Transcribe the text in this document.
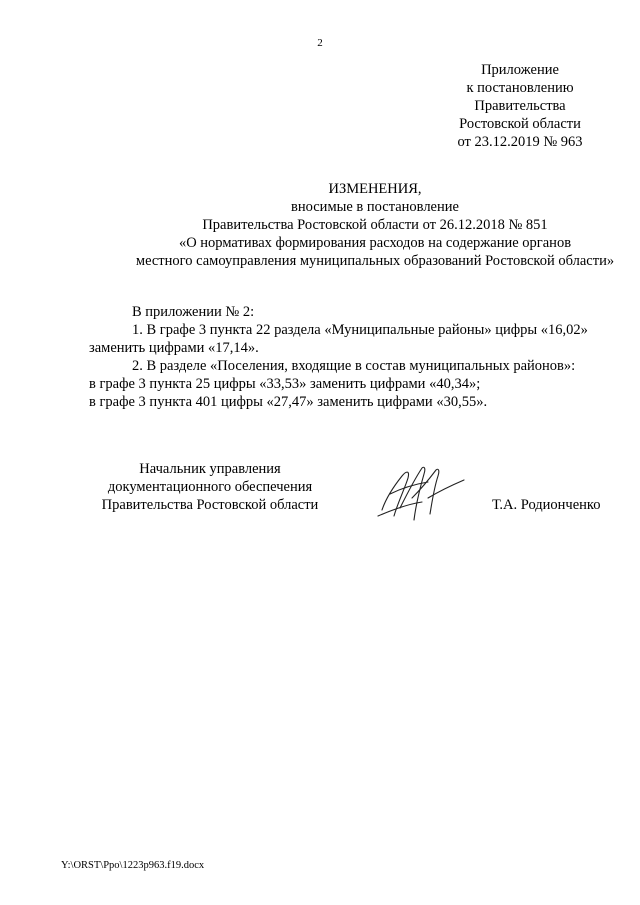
2
Приложение
к постановлению
Правительства
Ростовской области
от 23.12.2019 № 963
ИЗМЕНЕНИЯ,
вносимые в постановление
Правительства Ростовской области от 26.12.2018 № 851
«О нормативах формирования расходов на содержание органов
местного самоуправления муниципальных образований Ростовской области»
В приложении № 2:
1. В графе 3 пункта 22 раздела «Муниципальные районы» цифры «16,02»
заменить цифрами «17,14».
2. В разделе «Поселения, входящие в состав муниципальных районов»:
в графе 3 пункта 25 цифры «33,53» заменить цифрами «40,34»;
в графе 3 пункта 401 цифры «27,47» заменить цифрами «30,55».
Начальник управления
документационного обеспечения
Правительства Ростовской области	Т.А. Родионченко
Y:\ORST\Ppo\1223p963.f19.docx
